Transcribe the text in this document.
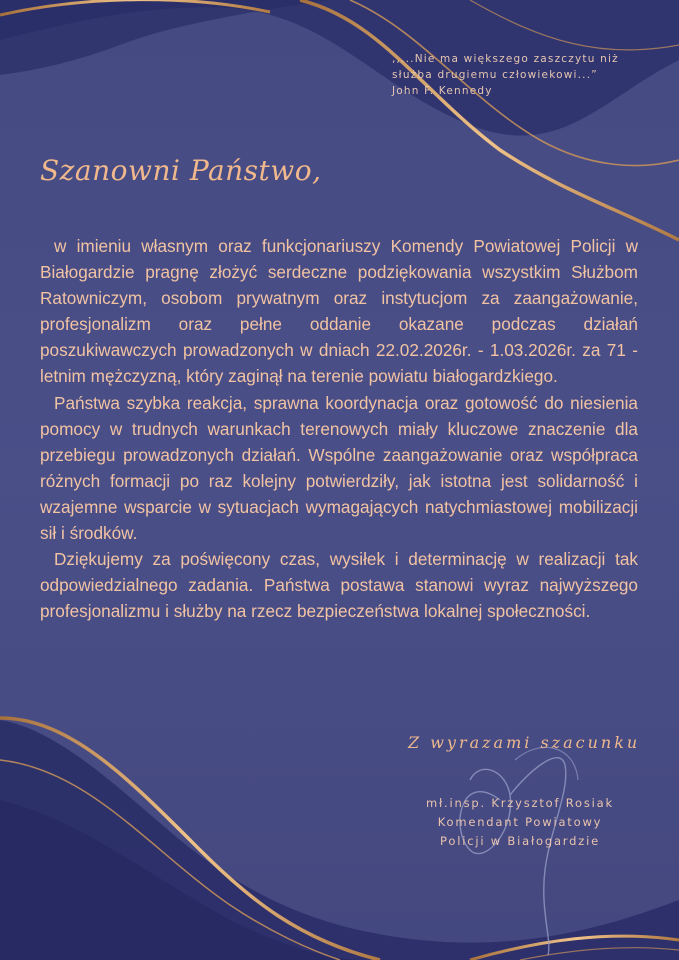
,,...Nie ma większego zaszczytu niż
służba drugiemu człowiekowi...”
John F. Kennedy
Szanowni Państwo,

w imieniu własnym oraz funkcjonariuszy Komendy Powiatowej Policji w Białogardzie pragnę złożyć serdeczne podziękowania wszystkim Służbom Ratowniczym, osobom prywatnym oraz instytucjom za zaangażowanie, profesjonalizm oraz pełne oddanie okazane podczas działań poszukiwawczych prowadzonych w dniach 22.02.2026r. - 1.03.2026r. za 71 - letnim mężczyzną, który zaginął na terenie powiatu białogardzkiego.

Państwa szybka reakcja, sprawna koordynacja oraz gotowość do niesienia pomocy w trudnych warunkach terenowych miały kluczowe znaczenie dla przebiegu prowadzonych działań. Wspólne zaangażowanie oraz współpraca różnych formacji po raz kolejny potwierdziły, jak istotna jest solidarność i wzajemne wsparcie w sytuacjach wymagających natychmiastowej mobilizacji sił i środków.

Dziękujemy za poświęcony czas, wysiłek i determinację w realizacji tak odpowiedzialnego zadania. Państwa postawa stanowi wyraz najwyższego profesjonalizmu i służby na rzecz bezpieczeństwa lokalnej społeczności.

Z wyrazami szacunku
mł.insp. Krzysztof Rosiak
Komendant Powiatowy
Policji w Białogardzie
